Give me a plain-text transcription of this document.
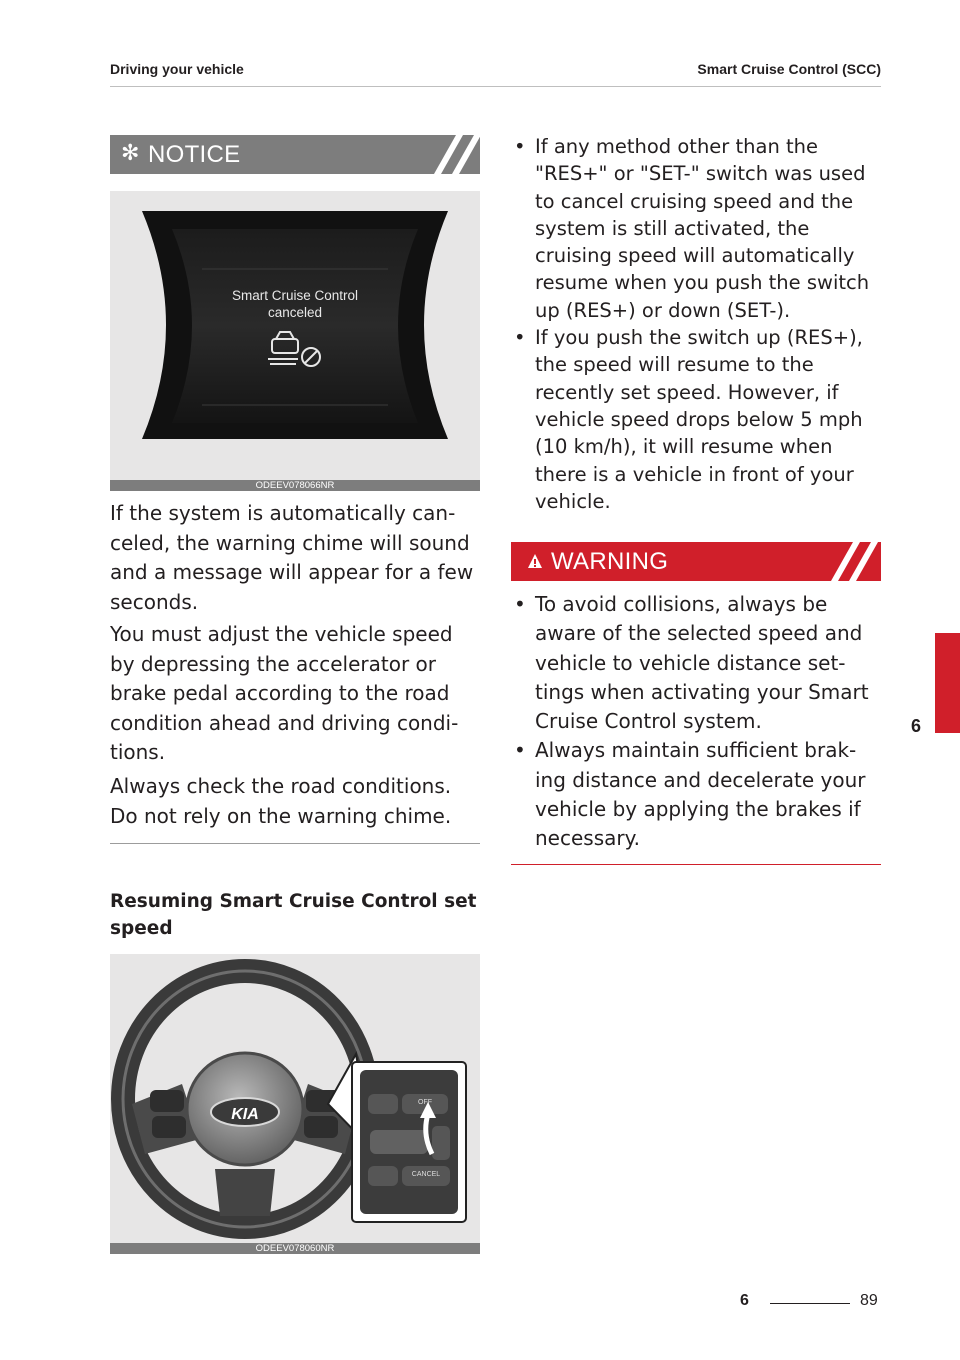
Driving your vehicle	Smart Cruise Control (SCC)
✻ NOTICE
Smart Cruise Control
canceled
ODEEV078066NR

If the system is automatically can-celed, the warning chime will sound and a message will appear for a few seconds.

You must adjust the vehicle speed by depressing the accelerator or brake pedal according to the road condition ahead and driving condi-tions.

Always check the road conditions. Do not rely on the warning chime.

Resuming Smart Cruise Control set speed
KIA
OFF
CANCEL
ODEEV078060NR
• If any method other than the "RES+" or "SET-" switch was used to cancel cruising speed and the system is still activated, the cruising speed will automatically resume when you push the switch up (RES+) or down (SET-).
• If you push the switch up (RES+), the speed will resume to the recently set speed. However, if vehicle speed drops below 5 mph (10 km/h), it will resume when there is a vehicle in front of your vehicle.
WARNING
• To avoid collisions, always be aware of the selected speed and vehicle to vehicle distance set-tings when activating your Smart Cruise Control system.
• Always maintain sufficient brak-ing distance and decelerate your vehicle by applying the brakes if necessary.
6
6	89
